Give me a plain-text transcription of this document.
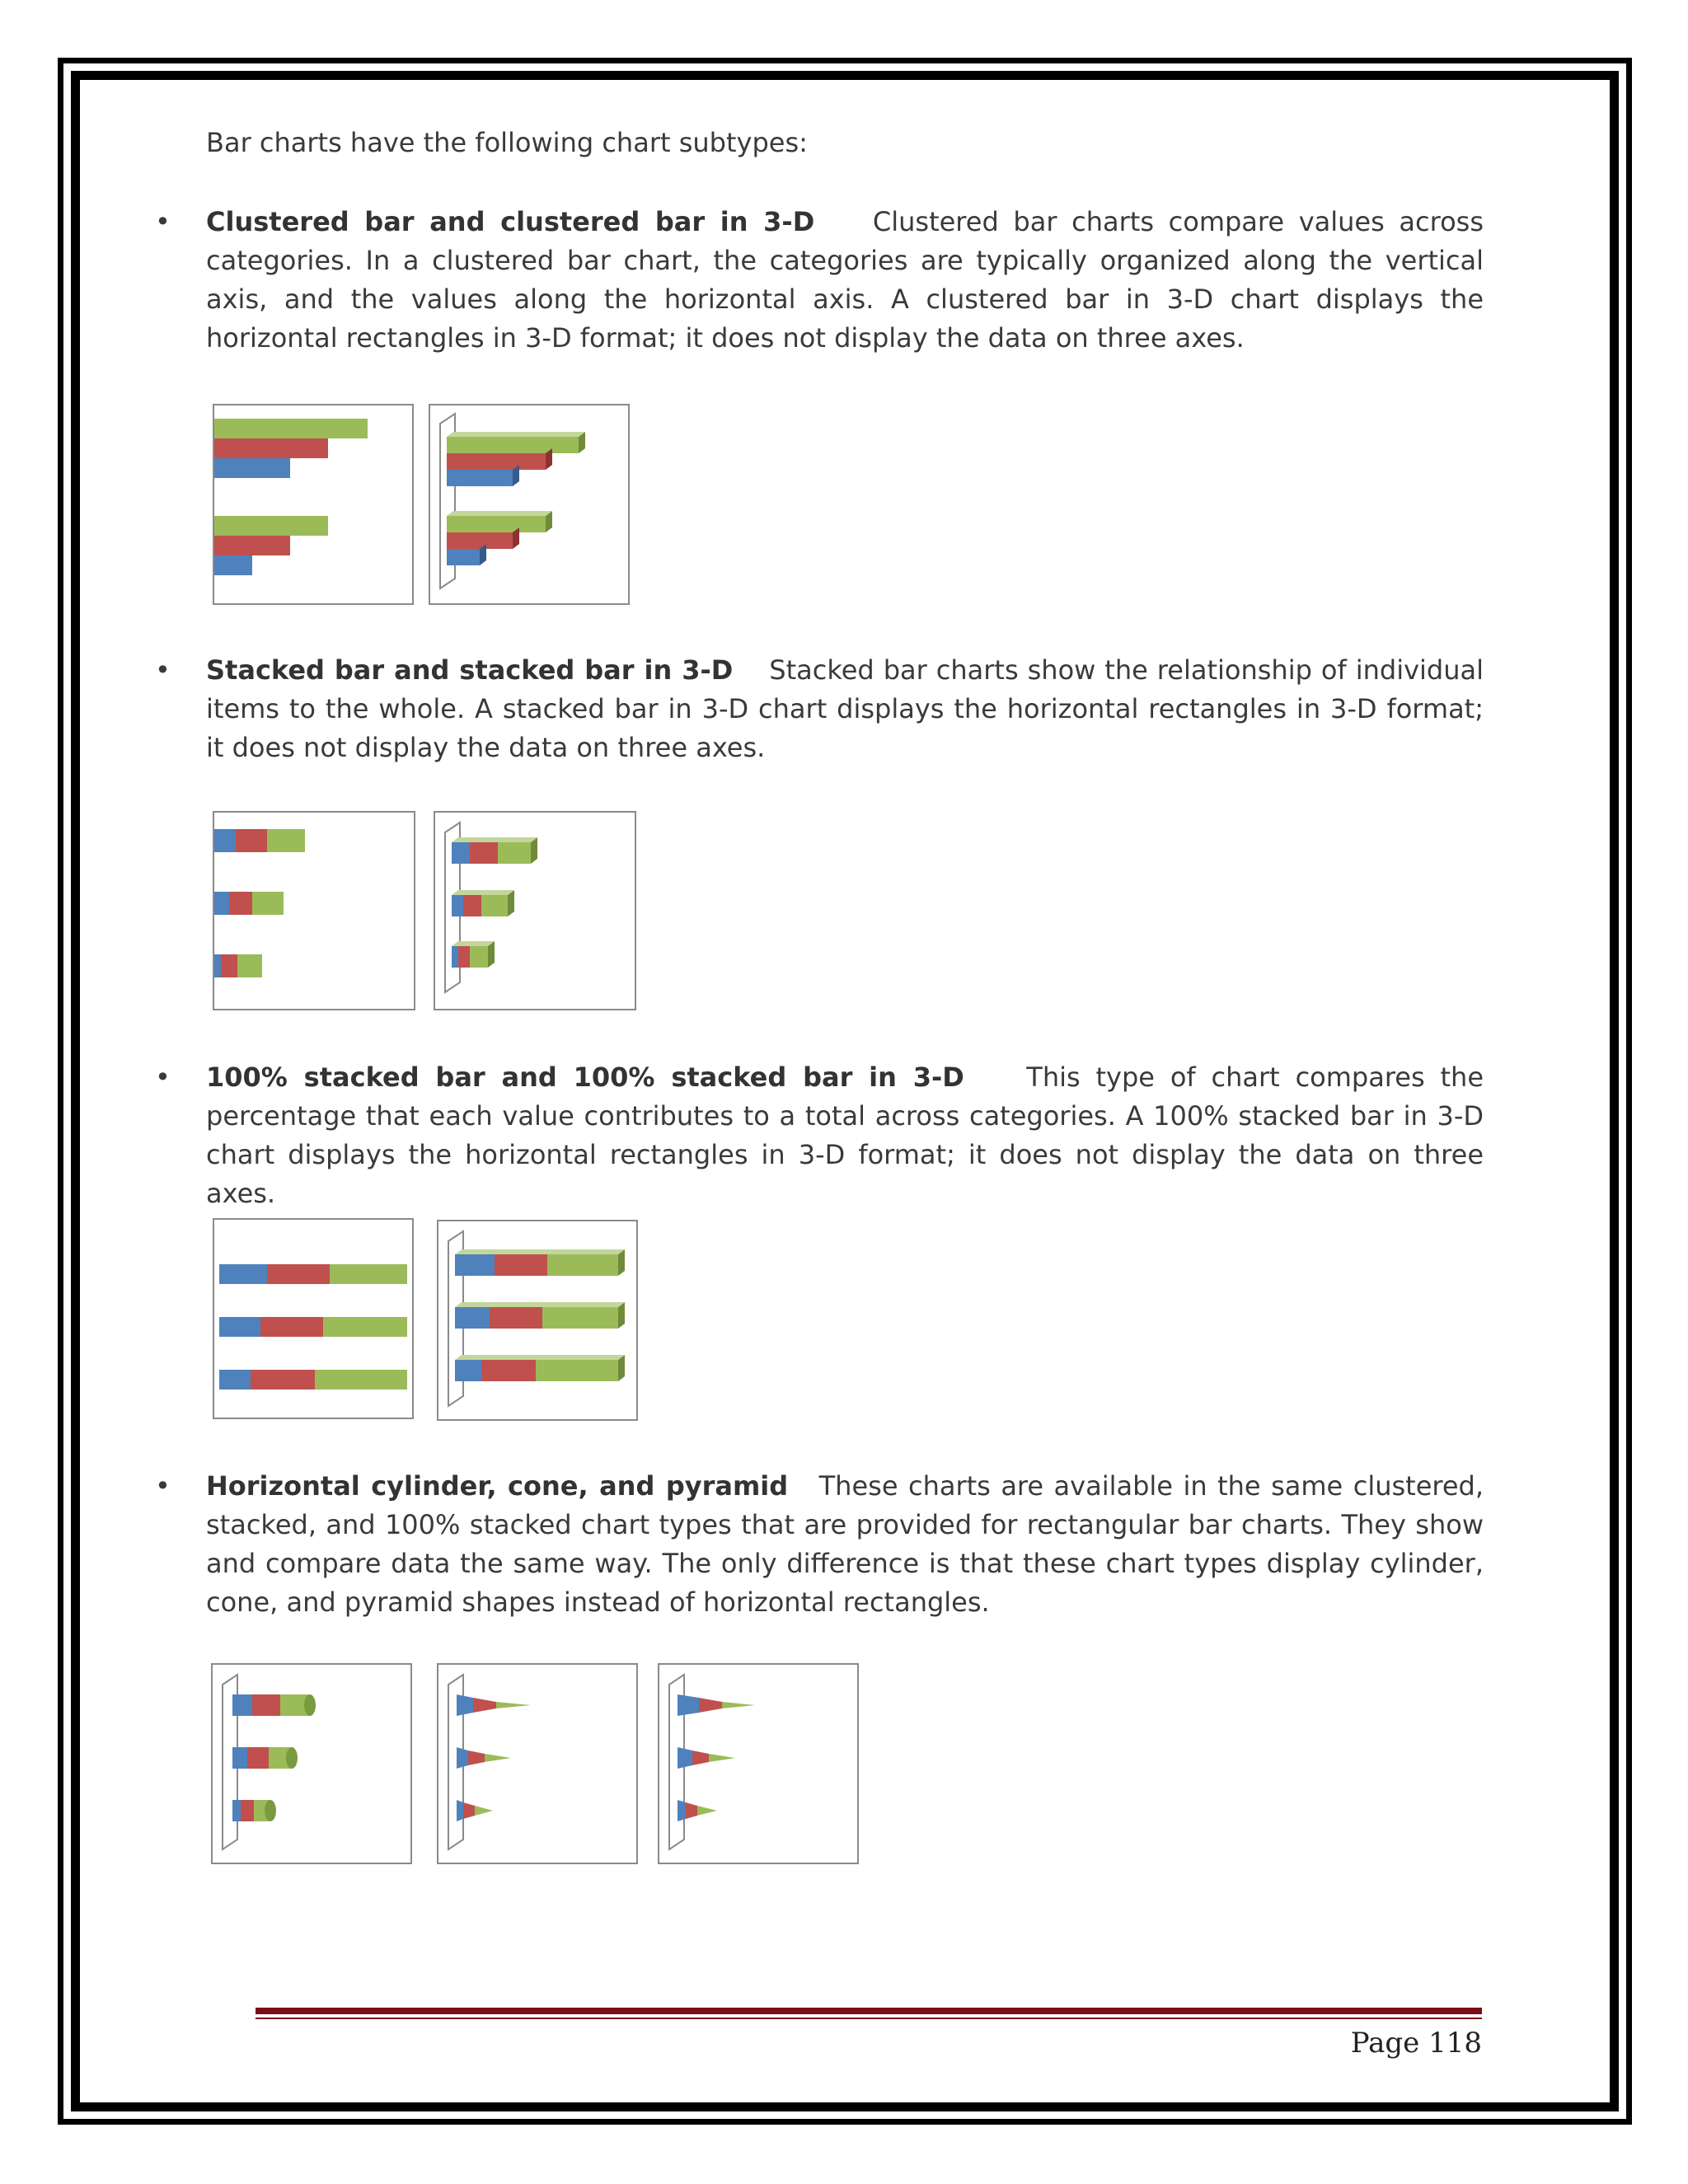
Bar charts have the following chart subtypes:

• Clustered bar and clustered bar in 3-D Clustered bar charts compare values across categories. In a clustered bar chart, the categories are typically organized along the vertical axis, and the values along the horizontal axis. A clustered bar in 3-D chart displays the horizontal rectangles in 3-D format; it does not display the data on three axes.
• Stacked bar and stacked bar in 3-D Stacked bar charts show the relationship of individual items to the whole. A stacked bar in 3-D chart displays the horizontal rectangles in 3-D format; it does not display the data on three axes.
• 100% stacked bar and 100% stacked bar in 3-D This type of chart compares the percentage that each value contributes to a total across categories. A 100% stacked bar in 3-D chart displays the horizontal rectangles in 3-D format; it does not display the data on three axes.
• Horizontal cylinder, cone, and pyramid These charts are available in the same clustered, stacked, and 100% stacked chart types that are provided for rectangular bar charts. They show and compare data the same way. The only difference is that these chart types display cylinder, cone, and pyramid shapes instead of horizontal rectangles.
Page 118
